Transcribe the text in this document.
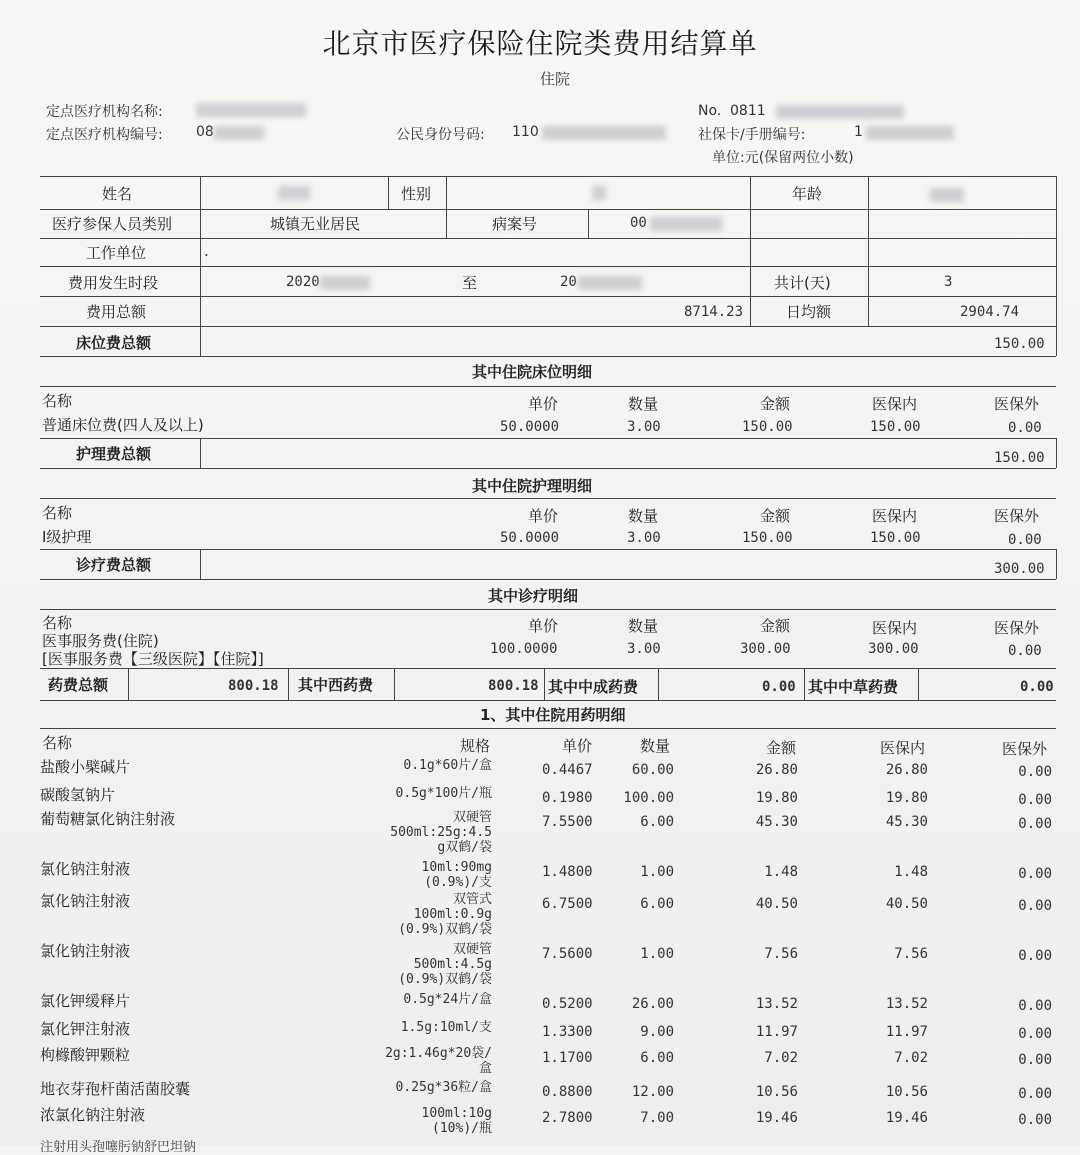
北京市医疗保险住院类费用结算单
住院
定点医疗机构名称:
定点医疗机构编号: 08	公民身份号码: 110
No. 0811
社保卡/手册编号:	1
单位:元(保留两位小数)
姓名	性别	年龄
医疗参保人员类别	城镇无业居民	病案号	00
工作单位	.
费用发生时段	2020	至	20	共计(天)	3
费用总额	8714.23	日均额	2904.74
床位费总额	150.00
其中住院床位明细
名称	单价	数量	金额	医保内	医保外
普通床位费(四人及以上)	50.0000	3.00	150.00	150.00	0.00
护理费总额	150.00
其中住院护理明细
名称	单价	数量	金额	医保内	医保外
Ⅰ级护理	50.0000	3.00	150.00	150.00	0.00
诊疗费总额	300.00
其中诊疗明细
名称	单价	数量	金额	医保内	医保外
医事服务费(住院)
[医事服务费【三级医院】【住院】]
100.0000	3.00	300.00	300.00	0.00
药费总额	800.18 其中西药费	800.18 其中中成药费	0.00 其中中草药费	0.00
1、其中住院用药明细
名称	规格	单价	数量	金额	医保内	医保外
盐酸小檗碱片	0.1g*60片/盒	0.4467	60.00	26.80	26.80	0.00
碳酸氢钠片	0.5g*100片/瓶	0.1980	100.00	19.80	19.80	0.00
葡萄糖氯化钠注射液	双硬管
500ml:25g:4.5
g双鹤/袋
7.5500	6.00	45.30	45.30	0.00
氯化钠注射液	10ml:90mg
(0.9%)/支
1.4800	1.00	1.48	1.48	0.00
氯化钠注射液	双管式
100ml:0.9g
(0.9%)双鹤/袋
6.7500	6.00	40.50	40.50	0.00
氯化钠注射液	双硬管
500ml:4.5g
(0.9%)双鹤/袋
7.5600	1.00	7.56	7.56	0.00
氯化钾缓释片	0.5g*24片/盒	0.5200	26.00	13.52	13.52	0.00
氯化钾注射液	1.5g:10ml/支	1.3300	9.00	11.97	11.97	0.00
枸橼酸钾颗粒	2g:1.46g*20袋/
盒
1.1700	6.00	7.02	7.02	0.00
地衣芽孢杆菌活菌胶囊	0.25g*36粒/盒	0.8800	12.00	10.56	10.56	0.00
浓氯化钠注射液	100ml:10g
(10%)/瓶
2.7800	7.00	19.46	19.46	0.00
注射用头孢噻肟钠舒巴坦钠
